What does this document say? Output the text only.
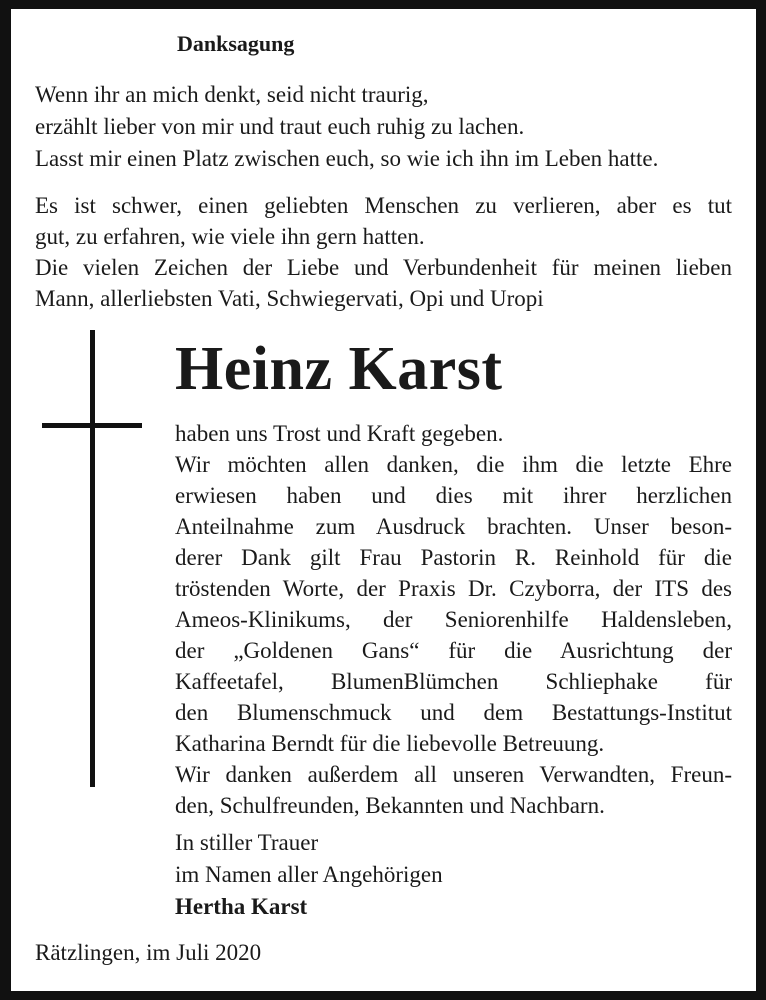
Danksagung
Wenn ihr an mich denkt, seid nicht traurig,
erzählt lieber von mir und traut euch ruhig zu lachen.
Lasst mir einen Platz zwischen euch, so wie ich ihn im Leben hatte.
Es ist schwer, einen geliebten Menschen zu verlieren, aber es tut
gut, zu erfahren, wie viele ihn gern hatten.
Die vielen Zeichen der Liebe und Verbundenheit für meinen lieben
Mann, allerliebsten Vati, Schwiegervati, Opi und Uropi
Heinz Karst
haben uns Trost und Kraft gegeben.
Wir möchten allen danken, die ihm die letzte Ehre
erwiesen haben und dies mit ihrer herzlichen
Anteilnahme zum Ausdruck brachten. Unser beson-
derer Dank gilt Frau Pastorin R. Reinhold für die
tröstenden Worte, der Praxis Dr. Czyborra, der ITS des
Ameos-Klinikums, der Seniorenhilfe Haldensleben,
der „Goldenen Gans“ für die Ausrichtung der
Kaffeetafel, BlumenBlümchen Schliephake für
den Blumenschmuck und dem Bestattungs-Institut
Katharina Berndt für die liebevolle Betreuung.
Wir danken außerdem all unseren Verwandten, Freun-
den, Schulfreunden, Bekannten und Nachbarn.
In stiller Trauer
im Namen aller Angehörigen
Hertha Karst
Rätzlingen, im Juli 2020
